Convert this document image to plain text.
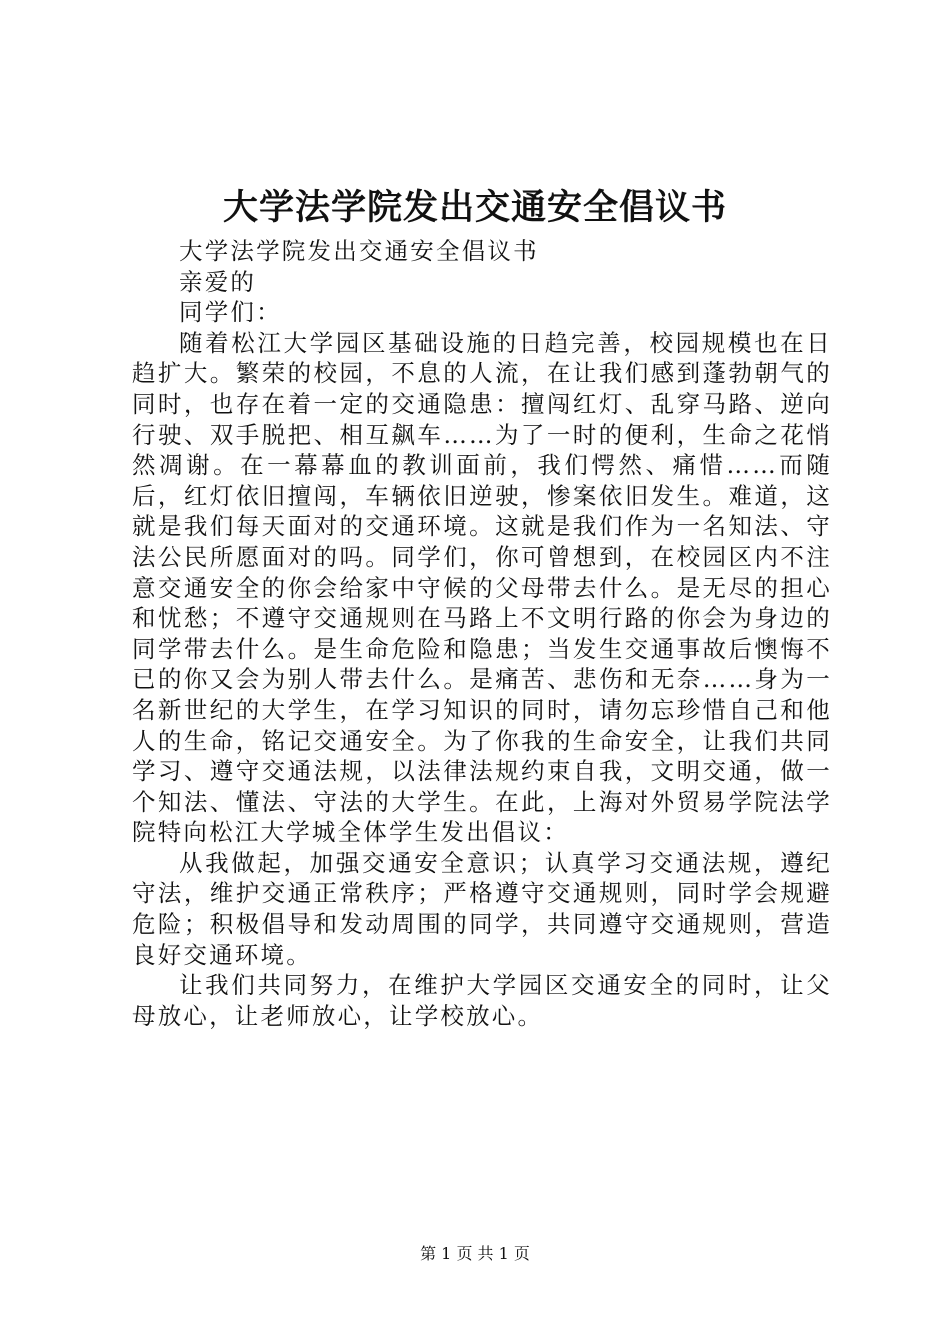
大学法学院发出交通安全倡议书

大学法学院发出交通安全倡议书

亲爱的

同学们：

随着松江大学园区基础设施的日趋完善，校园规模也在日趋扩大。繁荣的校园，不息的人流，在让我们感到蓬勃朝气的同时，也存在着一定的交通隐患：擅闯红灯、乱穿马路、逆向行驶、双手脱把、相互飙车……为了一时的便利，生命之花悄然凋谢。在一幕幕血的教训面前，我们愕然、痛惜……而随后，红灯依旧擅闯，车辆依旧逆驶，惨案依旧发生。难道，这就是我们每天面对的交通环境。这就是我们作为一名知法、守法公民所愿面对的吗。同学们，你可曾想到，在校园区内不注意交通安全的你会给家中守候的父母带去什么。是无尽的担心和忧愁；不遵守交通规则在马路上不文明行路的你会为身边的同学带去什么。是生命危险和隐患；当发生交通事故后懊悔不已的你又会为别人带去什么。是痛苦、悲伤和无奈……身为一名新世纪的大学生，在学习知识的同时，请勿忘珍惜自己和他人的生命，铭记交通安全。为了你我的生命安全，让我们共同学习、遵守交通法规，以法律法规约束自我，文明交通，做一个知法、懂法、守法的大学生。在此，上海对外贸易学院法学院特向松江大学城全体学生发出倡议：

从我做起，加强交通安全意识；认真学习交通法规，遵纪守法，维护交通正常秩序；严格遵守交通规则，同时学会规避危险；积极倡导和发动周围的同学，共同遵守交通规则，营造良好交通环境。

让我们共同努力，在维护大学园区交通安全的同时，让父母放心，让老师放心，让学校放心。

第 1 页 共 1 页
